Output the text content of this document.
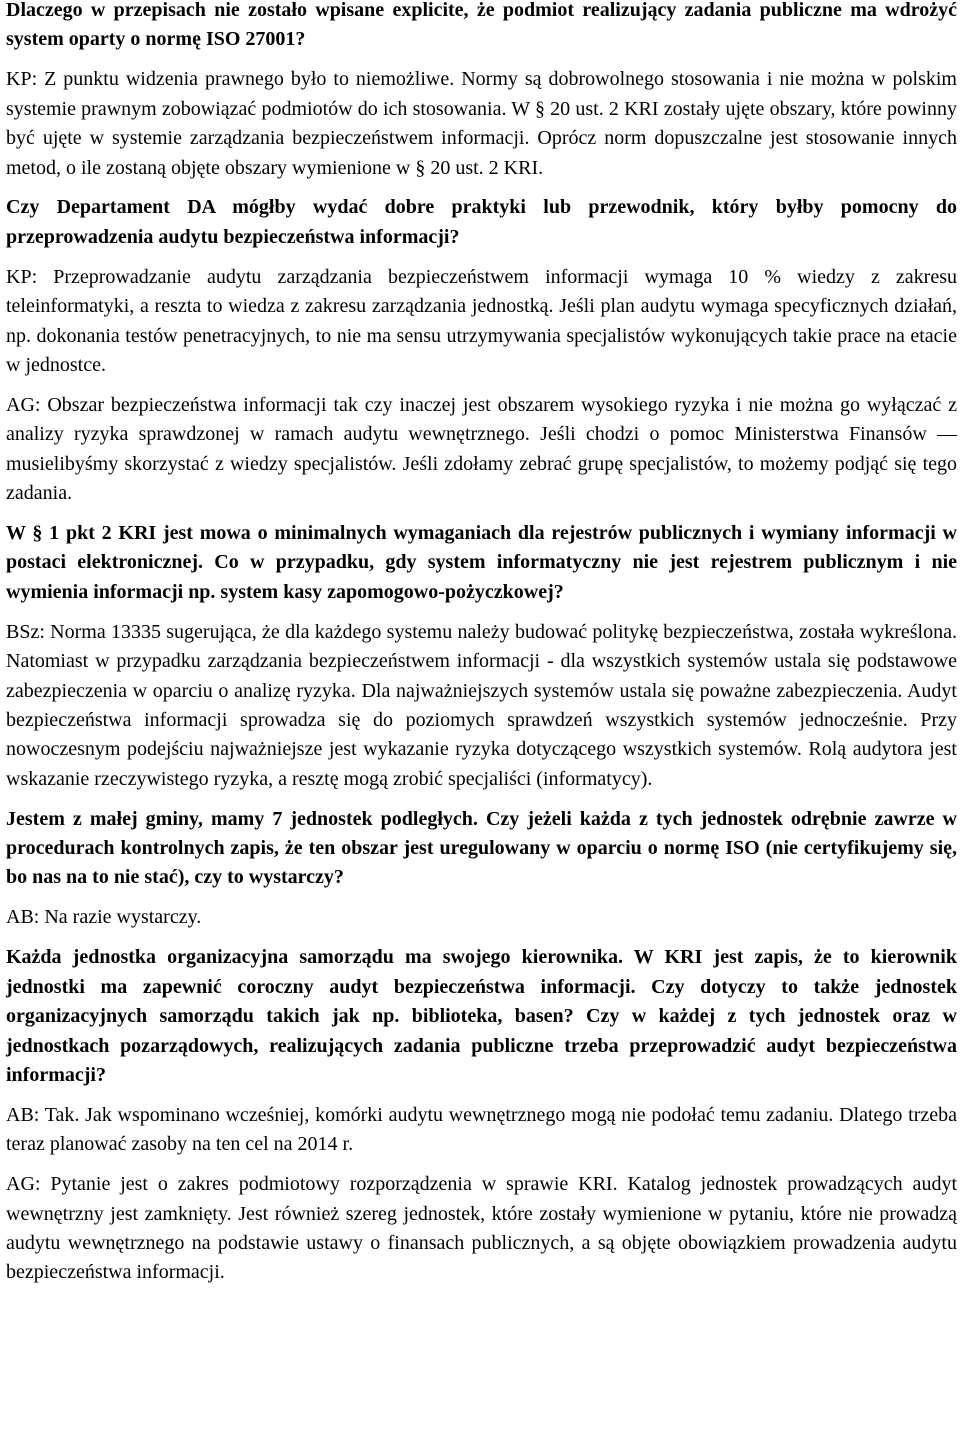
Dlaczego w przepisach nie zostało wpisane explicite, że podmiot realizujący zadania publiczne ma wdrożyć system oparty o normę ISO 27001?

KP: Z punktu widzenia prawnego było to niemożliwe. Normy są dobrowolnego stosowania i nie można w polskim systemie prawnym zobowiązać podmiotów do ich stosowania. W § 20 ust. 2 KRI zostały ujęte obszary, które powinny być ujęte w systemie zarządzania bezpieczeństwem informacji. Oprócz norm dopuszczalne jest stosowanie innych metod, o ile zostaną objęte obszary wymienione w § 20 ust. 2 KRI.

Czy Departament DA mógłby wydać dobre praktyki lub przewodnik, który byłby pomocny do przeprowadzenia audytu bezpieczeństwa informacji?

KP: Przeprowadzanie audytu zarządzania bezpieczeństwem informacji wymaga 10 % wiedzy z zakresu teleinformatyki, a reszta to wiedza z zakresu zarządzania jednostką. Jeśli plan audytu wymaga specyficznych działań, np. dokonania testów penetracyjnych, to nie ma sensu utrzymywania specjalistów wykonujących takie prace na etacie w jednostce.

AG: Obszar bezpieczeństwa informacji tak czy inaczej jest obszarem wysokiego ryzyka i nie można go wyłączać z analizy ryzyka sprawdzonej w ramach audytu wewnętrznego. Jeśli chodzi o pomoc Ministerstwa Finansów — musielibyśmy skorzystać z wiedzy specjalistów. Jeśli zdołamy zebrać grupę specjalistów, to możemy podjąć się tego zadania.

W § 1 pkt 2 KRI jest mowa o minimalnych wymaganiach dla rejestrów publicznych i wymiany informacji w postaci elektronicznej. Co w przypadku, gdy system informatyczny nie jest rejestrem publicznym i nie wymienia informacji np. system kasy zapomogowo-pożyczkowej?

BSz: Norma 13335 sugerująca, że dla każdego systemu należy budować politykę bezpieczeństwa, została wykreślona. Natomiast w przypadku zarządzania bezpieczeństwem informacji - dla wszystkich systemów ustala się podstawowe zabezpieczenia w oparciu o analizę ryzyka. Dla najważniejszych systemów ustala się poważne zabezpieczenia. Audyt bezpieczeństwa informacji sprowadza się do poziomych sprawdzeń wszystkich systemów jednocześnie. Przy nowoczesnym podejściu najważniejsze jest wykazanie ryzyka dotyczącego wszystkich systemów. Rolą audytora jest wskazanie rzeczywistego ryzyka, a resztę mogą zrobić specjaliści (informatycy).

Jestem z małej gminy, mamy 7 jednostek podległych. Czy jeżeli każda z tych jednostek odrębnie zawrze w procedurach kontrolnych zapis, że ten obszar jest uregulowany w oparciu o normę ISO (nie certyfikujemy się, bo nas na to nie stać), czy to wystarczy?

AB: Na razie wystarczy.

Każda jednostka organizacyjna samorządu ma swojego kierownika. W KRI jest zapis, że to kierownik jednostki ma zapewnić coroczny audyt bezpieczeństwa informacji. Czy dotyczy to także jednostek organizacyjnych samorządu takich jak np. biblioteka, basen? Czy w każdej z tych jednostek oraz w jednostkach pozarządowych, realizujących zadania publiczne trzeba przeprowadzić audyt bezpieczeństwa informacji?

AB: Tak. Jak wspominano wcześniej, komórki audytu wewnętrznego mogą nie podołać temu zadaniu. Dlatego trzeba teraz planować zasoby na ten cel na 2014 r.

AG: Pytanie jest o zakres podmiotowy rozporządzenia w sprawie KRI. Katalog jednostek prowadzących audyt wewnętrzny jest zamknięty. Jest również szereg jednostek, które zostały wymienione w pytaniu, które nie prowadzą audytu wewnętrznego na podstawie ustawy o finansach publicznych, a są objęte obowiązkiem prowadzenia audytu bezpieczeństwa informacji.
